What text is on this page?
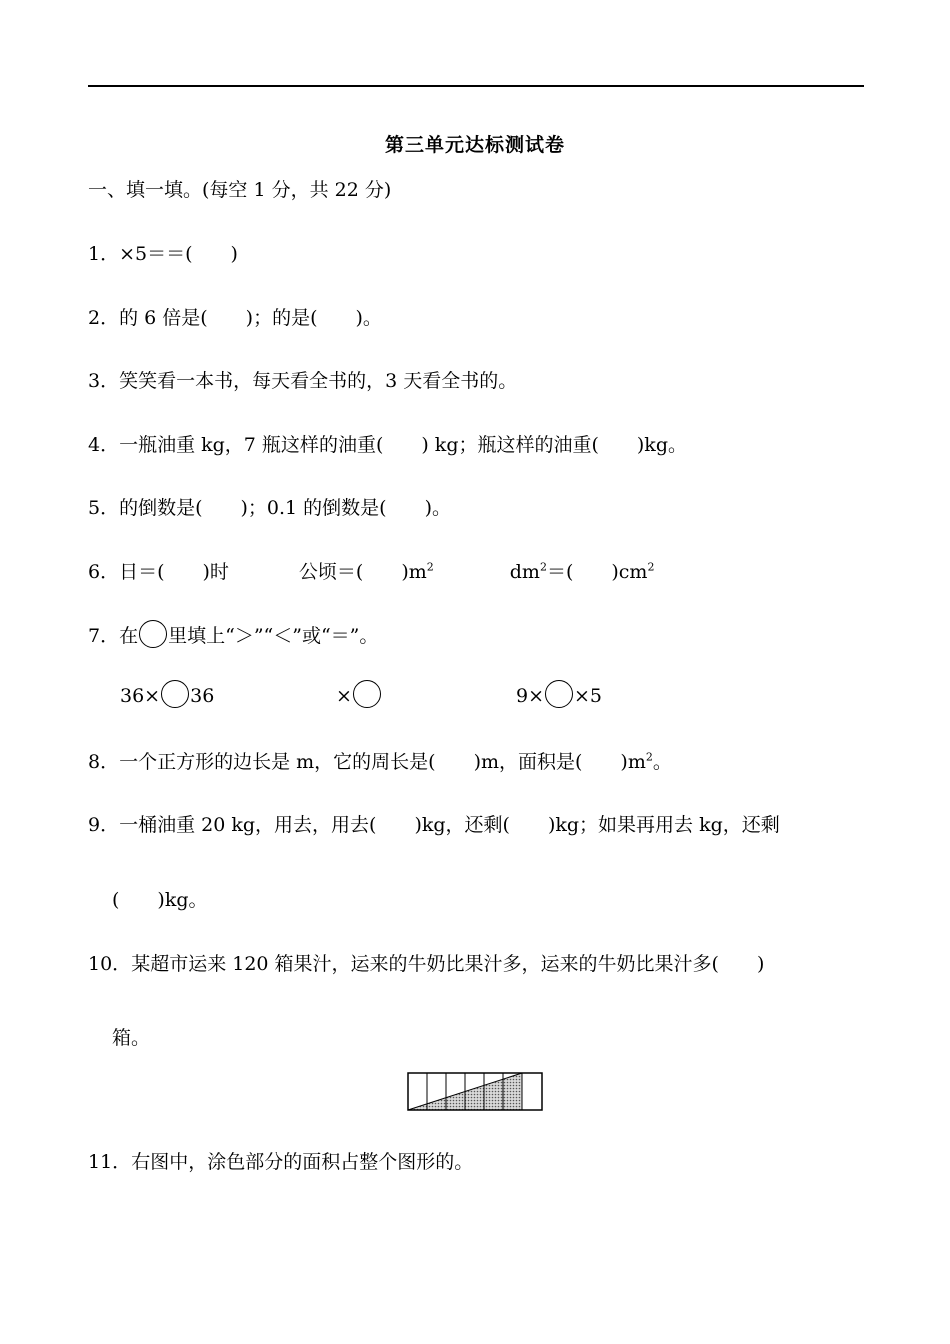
第三单元达标测试卷
一、填一填。(每空 1 分，共 22 分)
1．×5＝＝(　　)
2．的 6 倍是(　　)；的是(　　)。
3．笑笑看一本书，每天看全书的，3 天看全书的。
4．一瓶油重 kg，7 瓶这样的油重(　　) kg；瓶这样的油重(　　)kg。
5．的倒数是(　　)；0.1 的倒数是(　　)。
6．日＝(　　)时	公顷＝(　　)$m^2$	$dm^2=$(　　)$cm^2$
7．在 里填上“＞”“＜”或“＝”。
36× 36	×	9× ×5
8．一个正方形的边长是 m，它的周长是(　　)m，面积是(　　)$m^2$。
9．一桶油重 20 kg，用去，用去(　　)kg，还剩(　　)kg；如果再用去 kg，还剩
(　　)kg。
10．某超市运来 120 箱果汁，运来的牛奶比果汁多，运来的牛奶比果汁多(　　)
箱。
11．右图中，涂色部分的面积占整个图形的。
